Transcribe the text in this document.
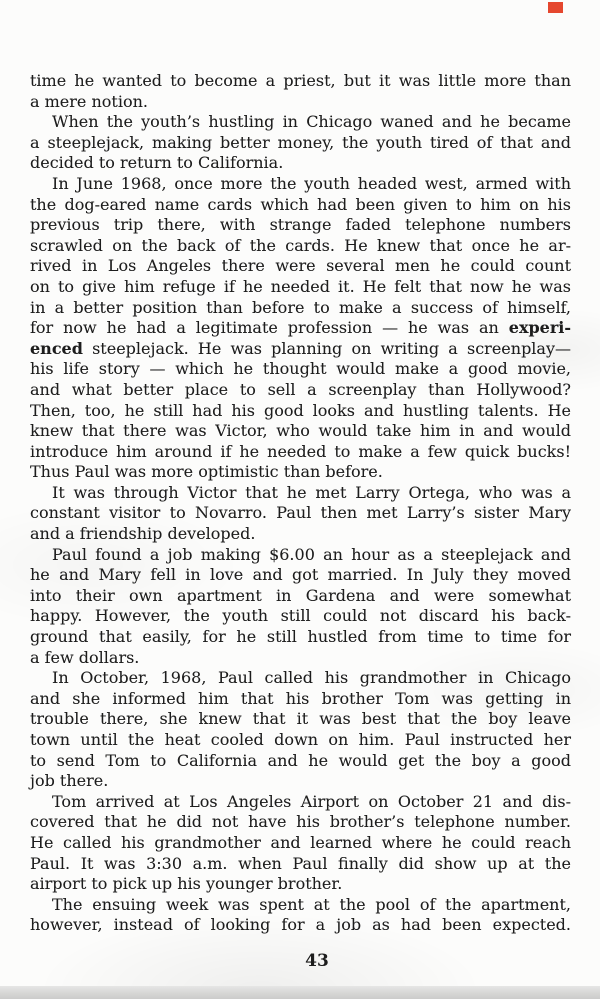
time he wanted to become a priest, but it was little more than
a mere notion.
When the youth’s hustling in Chicago waned and he became
a steeplejack, making better money, the youth tired of that and
decided to return to California.
In June 1968, once more the youth headed west, armed with
the dog-eared name cards which had been given to him on his
previous trip there, with strange faded telephone numbers
scrawled on the back of the cards. He knew that once he ar-
rived in Los Angeles there were several men he could count
on to give him refuge if he needed it. He felt that now he was
in a better position than before to make a success of himself,
for now he had a legitimate profession — he was an experi-
enced steeplejack. He was planning on writing a screenplay—
his life story — which he thought would make a good movie,
and what better place to sell a screenplay than Hollywood?
Then, too, he still had his good looks and hustling talents. He
knew that there was Victor, who would take him in and would
introduce him around if he needed to make a few quick bucks!
Thus Paul was more optimistic than before.
It was through Victor that he met Larry Ortega, who was a
constant visitor to Novarro. Paul then met Larry’s sister Mary
and a friendship developed.
Paul found a job making $6.00 an hour as a steeplejack and
he and Mary fell in love and got married. In July they moved
into their own apartment in Gardena and were somewhat
happy. However, the youth still could not discard his back-
ground that easily, for he still hustled from time to time for
a few dollars.
In October, 1968, Paul called his grandmother in Chicago
and she informed him that his brother Tom was getting in
trouble there, she knew that it was best that the boy leave
town until the heat cooled down on him. Paul instructed her
to send Tom to California and he would get the boy a good
job there.
Tom arrived at Los Angeles Airport on October 21 and dis-
covered that he did not have his brother’s telephone number.
He called his grandmother and learned where he could reach
Paul. It was 3:30 a.m. when Paul finally did show up at the
airport to pick up his younger brother.
The ensuing week was spent at the pool of the apartment,
however, instead of looking for a job as had been expected.
43
